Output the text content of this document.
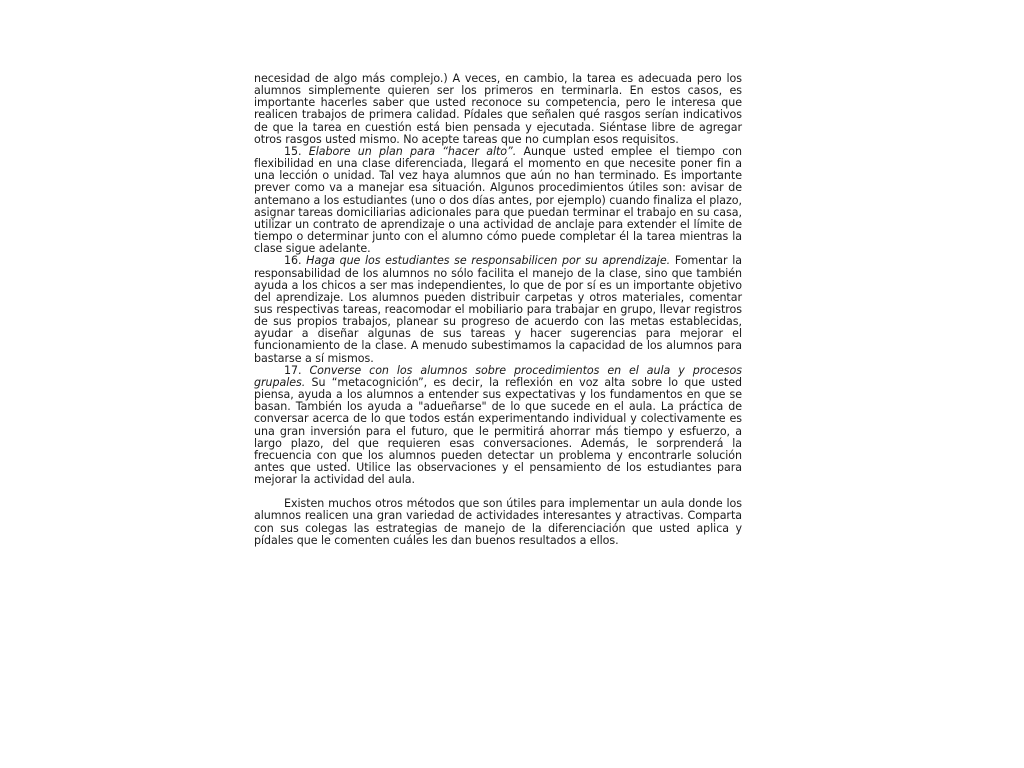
necesidad de algo más complejo.) A veces, en cambio, la tarea es adecuada pero los alumnos simplemente quieren ser los primeros en terminarla. En estos casos, es importante hacerles saber que usted reconoce su competencia, pero le interesa que realicen trabajos de primera calidad. Pídales que señalen qué rasgos serían indicativos de que la tarea en cuestión está bien pensada y ejecutada. Siéntase libre de agregar otros rasgos usted mismo. No acepte tareas que no cumplan esos requisitos.

15. Elabore un plan para “hacer alto”. Aunque usted emplee el tiempo con flexibilidad en una clase diferenciada, llegará el momento en que necesite poner fin a una lección o unidad. Tal vez haya alumnos que aún no han terminado. Es importante prever como va a manejar esa situación. Algunos procedimientos útiles son: avisar de antemano a los estudiantes (uno o dos días antes, por ejemplo) cuando finaliza el plazo, asignar tareas domiciliarias adicionales para que puedan terminar el trabajo en su casa, utilizar un contrato de aprendizaje o una actividad de anclaje para extender el límite de tiempo o determinar junto con el alumno cómo puede completar él la tarea mientras la clase sigue adelante.

16. Haga que los estudiantes se responsabilicen por su aprendizaje. Fomentar la responsabilidad de los alumnos no sólo facilita el manejo de la clase, sino que también ayuda a los chicos a ser mas independientes, lo que de por sí es un importante objetivo del aprendizaje. Los alumnos pueden distribuir carpetas y otros materiales, comentar sus respectivas tareas, reacomodar el mobiliario para trabajar en grupo, llevar registros de sus propios trabajos, planear su progreso de acuerdo con las metas establecidas, ayudar a diseñar algunas de sus tareas y hacer sugerencias para mejorar el funcionamiento de la clase. A menudo subestimamos la capacidad de los alumnos para bastarse a sí mismos.

17. Converse con los alumnos sobre procedimientos en el aula y procesos grupales. Su “metacognición”, es decir, la reflexión en voz alta sobre lo que usted piensa, ayuda a los alumnos a entender sus expectativas y los fundamentos en que se basan. También los ayuda a "adueñarse" de lo que sucede en el aula. La práctica de conversar acerca de lo que todos están experimentando individual y colectivamente es una gran inversión para el futuro, que le permitirá ahorrar más tiempo y esfuerzo, a largo plazo, del que requieren esas conversaciones. Además, le sorprenderá la frecuencia con que los alumnos pueden detectar un problema y encontrarle solución antes que usted. Utilice las observaciones y el pensamiento de los estudiantes para mejorar la actividad del aula.

Existen muchos otros métodos que son útiles para implementar un aula donde los alumnos realicen una gran variedad de actividades interesantes y atractivas. Comparta con sus colegas las estrategias de manejo de la diferenciación que usted aplica y pídales que le comenten cuáles les dan buenos resultados a ellos.
